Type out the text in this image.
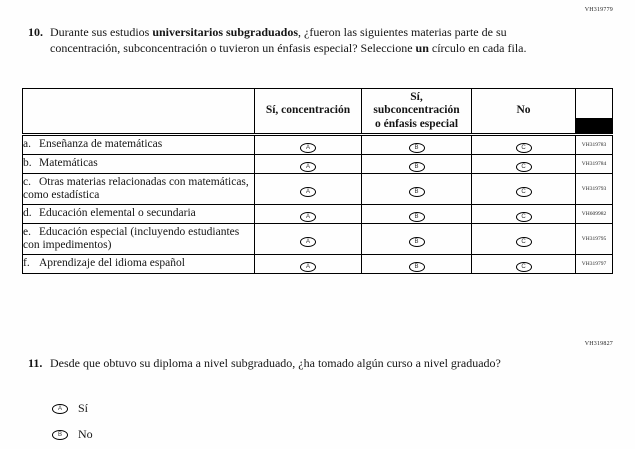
VH319779
10. Durante sus estudios universitarios subgraduados, ¿fueron las siguientes materias parte de su concentración, subconcentración o tuvieron un énfasis especial? Seleccione un círculo en cada fila.
	Sí, concentración	Sí,
subconcentración
o énfasis especial	No	

a. Enseñanza de matemáticas	A	B	C	VH319783
b. Matemáticas	A	B	C	VH319784
c. Otras materias relacionadas con matemáticas, como estadística	A	B	C	VH319793
d. Educación elemental o secundaria	A	B	C	VH609982
e. Educación especial (incluyendo estudiantes con impedimentos)	A	B	C	VH319795
f. Aprendizaje del idioma español	A	B	C	VH319797
VH319827
11. Desde que obtuvo su diploma a nivel subgraduado, ¿ha tomado algún curso a nivel graduado?
A	Sí
B	No
